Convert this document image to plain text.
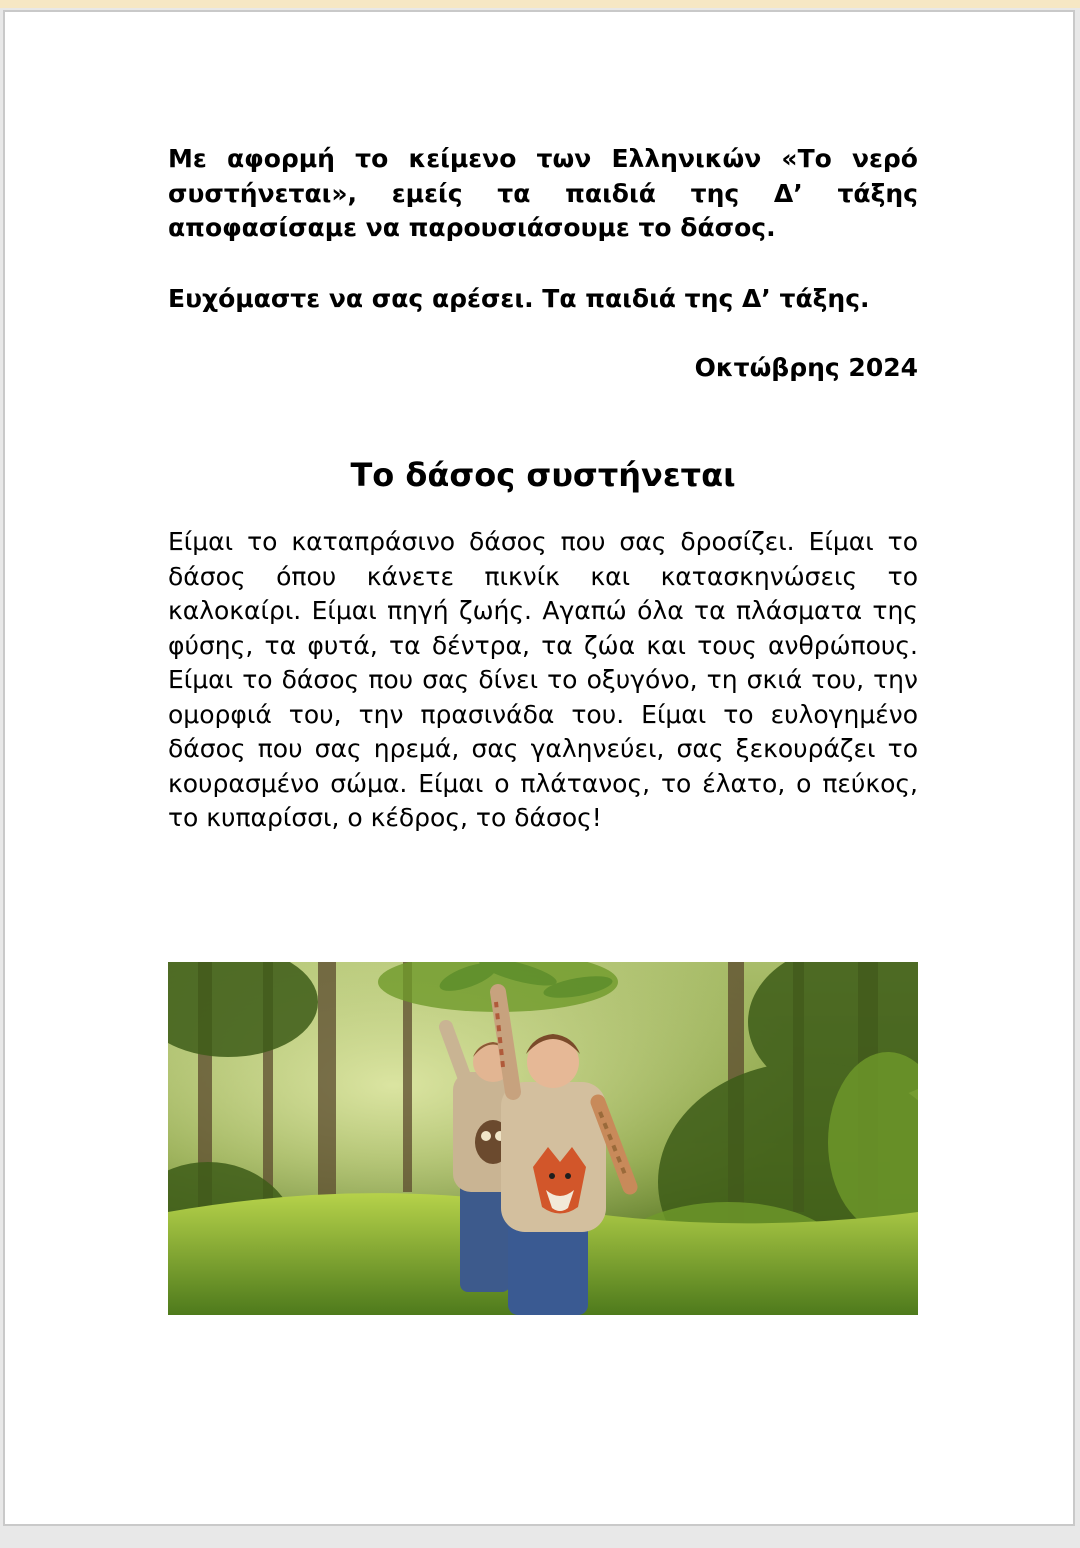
Με αφορμή το κείμενο των Ελληνικών «Το νερό συστήνεται», εμείς τα παιδιά της Δ’ τάξης αποφασίσαμε να παρουσιάσουμε το δάσος.

Ευχόμαστε να σας αρέσει. Τα παιδιά της Δ’ τάξης.

Οκτώβρης 2024

Το δάσος συστήνεται

Είμαι το καταπράσινο δάσος που σας δροσίζει. Είμαι το δάσος όπου κάνετε πικνίκ και κατασκηνώσεις το καλοκαίρι. Είμαι πηγή ζωής. Αγαπώ όλα τα πλάσματα της φύσης, τα φυτά, τα δέντρα, τα ζώα και τους ανθρώπους. Είμαι το δάσος που σας δίνει το οξυγόνο, τη σκιά του, την ομορφιά του, την πρασινάδα του. Είμαι το ευλογημένο δάσος που σας ηρεμά, σας γαληνεύει, σας ξεκουράζει το κουρασμένο σώμα. Είμαι ο πλάτανος, το έλατο, ο πεύκος, το κυπαρίσσι, ο κέδρος, το δάσος!
